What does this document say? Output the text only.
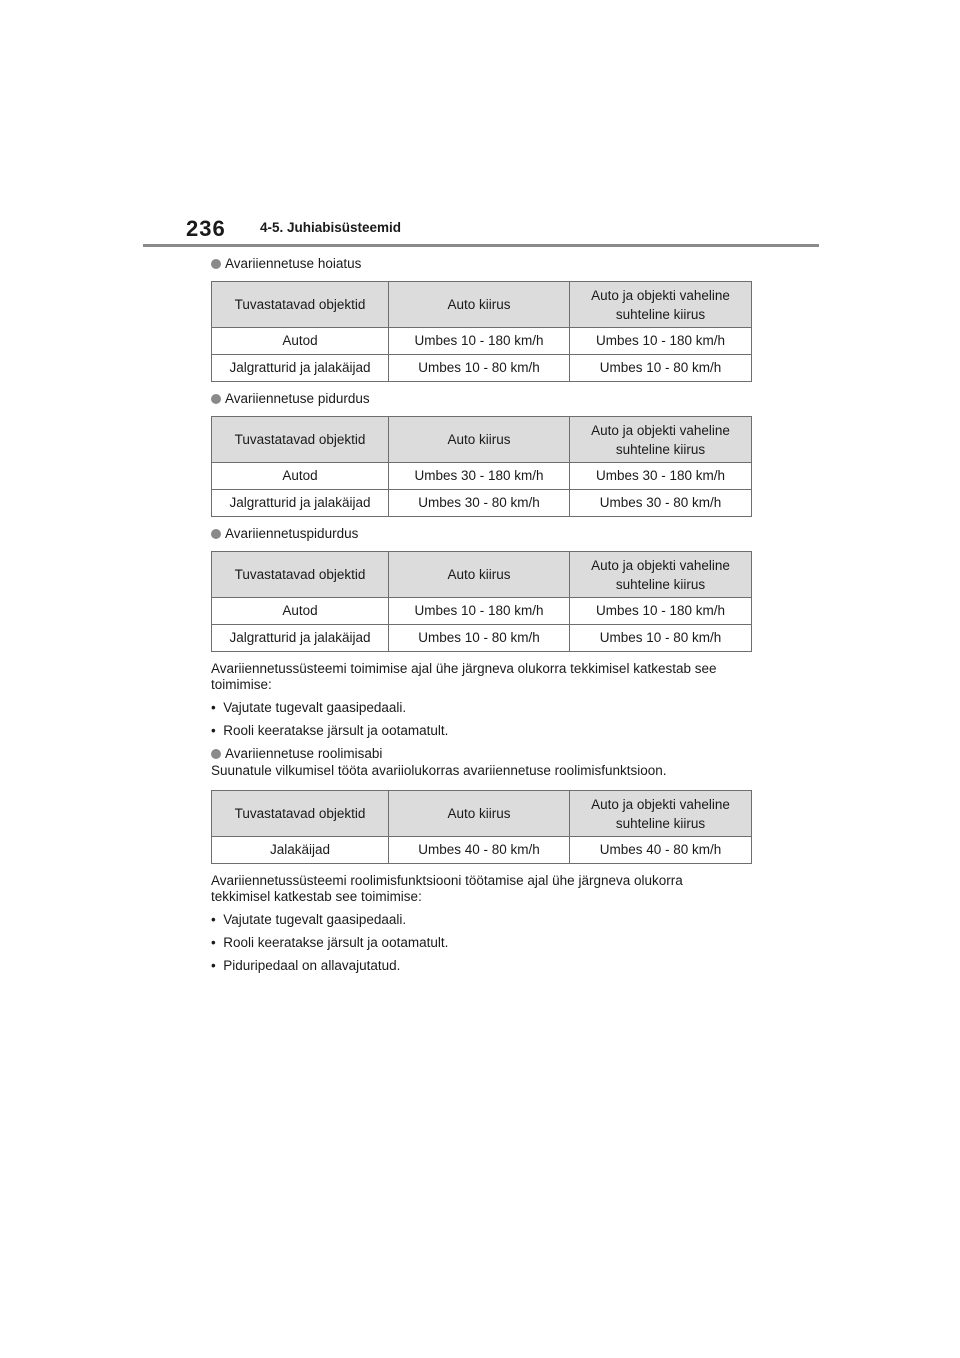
236	4-5. Juhiabisüsteemid

Avariiennetuse hoiatus

Tuvastatavad objektid	Auto kiirus	Auto ja objekti vaheline
suhteline kiirus
Autod	Umbes 10 - 180 km/h	Umbes 10 - 180 km/h
Jalgratturid ja jalakäijad	Umbes 10 - 80 km/h	Umbes 10 - 80 km/h

Avariiennetuse pidurdus

Tuvastatavad objektid	Auto kiirus	Auto ja objekti vaheline
suhteline kiirus
Autod	Umbes 30 - 180 km/h	Umbes 30 - 180 km/h
Jalgratturid ja jalakäijad	Umbes 30 - 80 km/h	Umbes 30 - 80 km/h

Avariiennetuspidurdus

Tuvastatavad objektid	Auto kiirus	Auto ja objekti vaheline
suhteline kiirus
Autod	Umbes 10 - 180 km/h	Umbes 10 - 180 km/h
Jalgratturid ja jalakäijad	Umbes 10 - 80 km/h	Umbes 10 - 80 km/h

Avariiennetussüsteemi toimimise ajal ühe järgneva olukorra tekkimisel katkestab see toimimise:

•  Vajutate tugevalt gaasipedaali.

•  Rooli keeratakse järsult ja ootamatult.

Avariiennetuse roolimisabi

Suunatule vilkumisel tööta avariiolukorras avariiennetuse roolimisfunktsioon.

Tuvastatavad objektid	Auto kiirus	Auto ja objekti vaheline
suhteline kiirus
Jalakäijad	Umbes 40 - 80 km/h	Umbes 40 - 80 km/h

Avariiennetussüsteemi roolimisfunktsiooni töötamise ajal ühe järgneva olukorra tekkimisel katkestab see toimimise:

•  Vajutate tugevalt gaasipedaali.

•  Rooli keeratakse järsult ja ootamatult.

•  Piduripedaal on allavajutatud.
